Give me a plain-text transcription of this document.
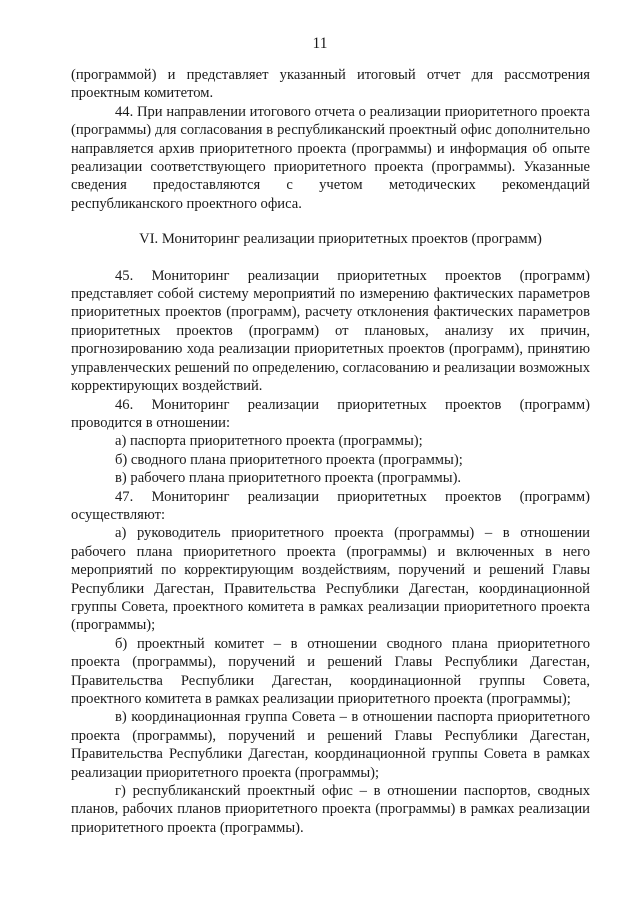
11

(программой) и представляет указанный итоговый отчет для рассмотрения проектным комитетом.

44. При направлении итогового отчета о реализации приоритетного проекта (программы) для согласования в республиканский проектный офис дополнительно направляется архив приоритетного проекта (программы) и информация об опыте реализации соответствующего приоритетного проекта (программы). Указанные сведения предоставляются с учетом методических рекомендаций республиканского проектного офиса.

VI. Мониторинг реализации приоритетных проектов (программ)

45. Мониторинг реализации приоритетных проектов (программ) представляет собой систему мероприятий по измерению фактических параметров приоритетных проектов (программ), расчету отклонения фактических параметров приоритетных проектов (программ) от плановых, анализу их причин, прогнозированию хода реализации приоритетных проектов (программ), принятию управленческих решений по определению, согласованию и реализации возможных корректирующих воздействий.

46. Мониторинг реализации приоритетных проектов (программ) проводится в отношении:

а) паспорта приоритетного проекта (программы);

б) сводного плана приоритетного проекта (программы);

в) рабочего плана приоритетного проекта (программы).

47. Мониторинг реализации приоритетных проектов (программ) осуществляют:

а) руководитель приоритетного проекта (программы) – в отношении рабочего плана приоритетного проекта (программы) и включенных в него мероприятий по корректирующим воздействиям, поручений и решений Главы Республики Дагестан, Правительства Республики Дагестан, координационной группы Совета, проектного комитета в рамках реализации приоритетного проекта (программы);

б) проектный комитет – в отношении сводного плана приоритетного проекта (программы), поручений и решений Главы Республики Дагестан, Правительства Республики Дагестан, координационной группы Совета, проектного комитета в рамках реализации приоритетного проекта (программы);

в) координационная группа Совета – в отношении паспорта приоритетного проекта (программы), поручений и решений Главы Республики Дагестан, Правительства Республики Дагестан, координационной группы Совета в рамках реализации приоритетного проекта (программы);

г) республиканский проектный офис – в отношении паспортов, сводных планов, рабочих планов приоритетного проекта (программы) в рамках реализации приоритетного проекта (программы).
